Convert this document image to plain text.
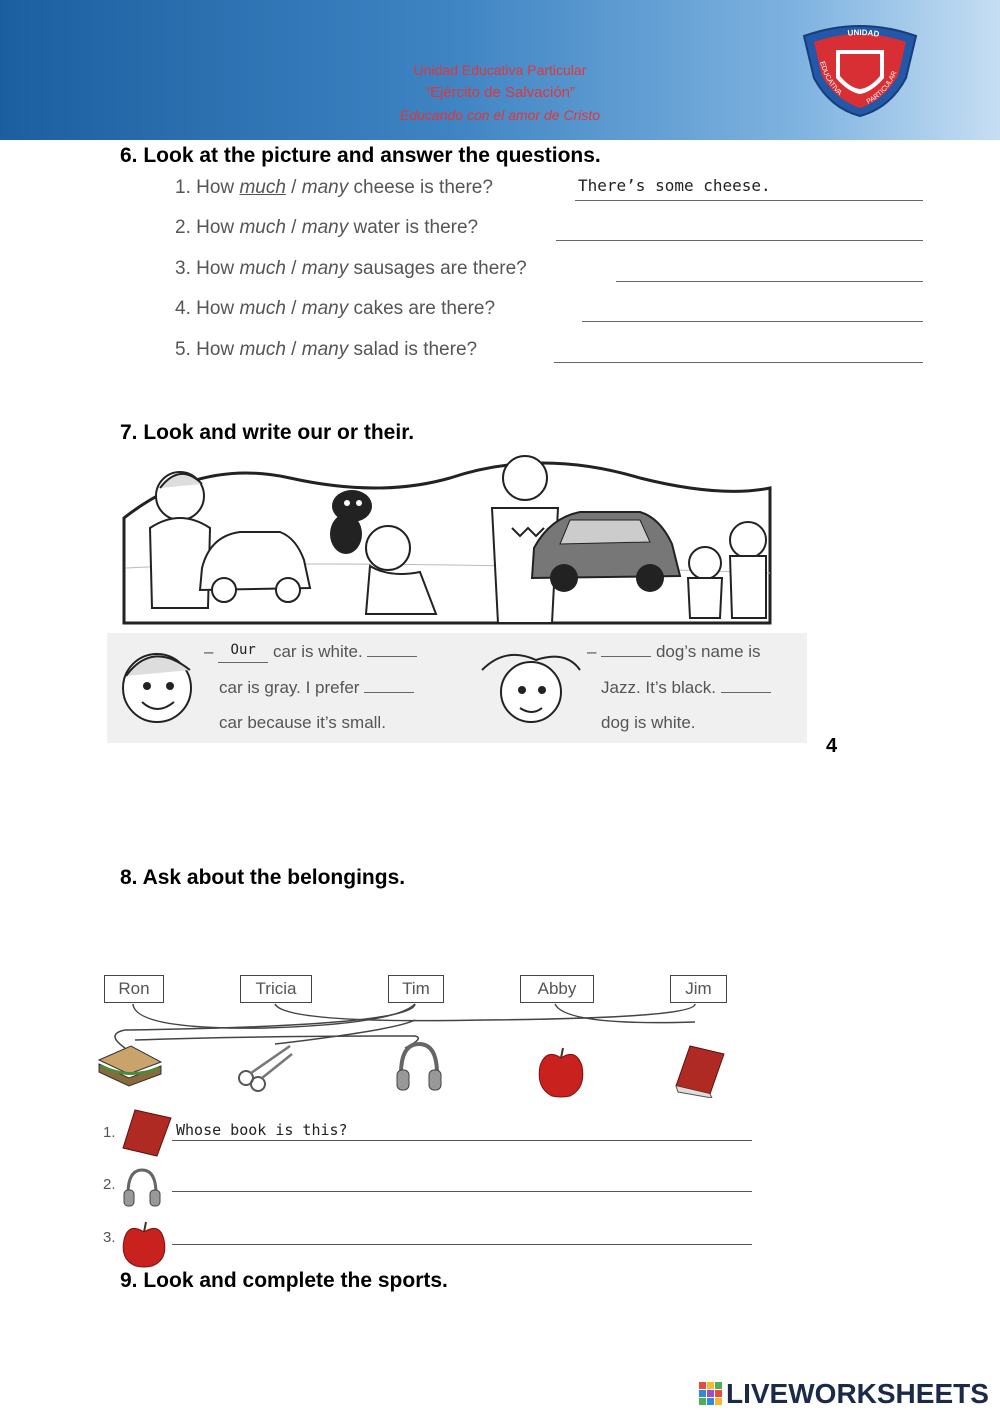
Unidad Educativa Particular
“Ejército de Salvación”
Educando con el amor de Cristo
UNIDAD
EDUCATIVA
PARTICULAR
6. Look at the picture and answer the questions.
1. How much / many cheese is there?	There’s some cheese.
2. How much / many water is there?
3. How much / many sausages are there?
4. How much / many cakes are there?
5. How much / many salad is there?
7. Look and write our or their.
– Our car is white.
car is gray. I prefer
car because it’s small.
–	dog’s name is
Jazz. It’s black.
dog is white.
4
8. Ask about the belongings.
Ron	Tricia	Tim	Abby	Jim
1.	Whose book is this?
2.
3.
9. Look and complete the sports.
LIVEWORKSHEETS
